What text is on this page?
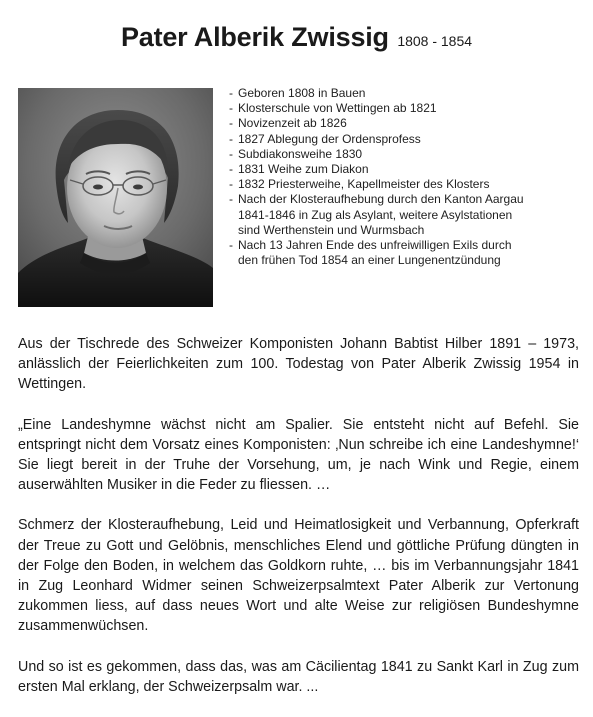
Pater Alberik Zwissig 1808 - 1854
- Geboren 1808 in Bauen
- Klosterschule von Wettingen ab 1821
- Novizenzeit ab 1826
- 1827 Ablegung der Ordensprofess
- Subdiakonsweihe 1830
- 1831 Weihe zum Diakon
- 1832 Priesterweihe, Kapellmeister des Klosters
- Nach der Klosteraufhebung durch den Kanton Aargau
1841-1846 in Zug als Asylant, weitere Asylstationen
sind Werthenstein und Wurmsbach
- Nach 13 Jahren Ende des unfreiwilligen Exils durch
den frühen Tod 1854 an einer Lungenentzündung

Aus der Tischrede des Schweizer Komponisten Johann Babtist Hilber 1891 – 1973, anlässlich der Feierlichkeiten zum 100. Todestag von Pater Alberik Zwissig 1954 in Wettingen.

„Eine Landeshymne wächst nicht am Spalier. Sie entsteht nicht auf Befehl. Sie entspringt nicht dem Vorsatz eines Komponisten: ‚Nun schreibe ich eine Landeshymne!‘ Sie liegt bereit in der Truhe der Vorsehung, um, je nach Wink und Regie, einem auserwählten Musiker in die Feder zu fliessen. …

Schmerz der Klosteraufhebung, Leid und Heimatlosigkeit und Verbannung, Opferkraft der Treue zu Gott und Gelöbnis, menschliches Elend und göttliche Prüfung düngten in der Folge den Boden, in welchem das Goldkorn ruhte, … bis im Verbannungsjahr 1841 in Zug Leonhard Widmer seinen Schweizerpsalmtext Pater Alberik zur Vertonung zukommen liess, auf dass neues Wort und alte Weise zur religiösen Bundeshymne zusammenwüchsen.

Und so ist es gekommen, dass das, was am Cäcilientag 1841 zu Sankt Karl in Zug zum ersten Mal erklang, der Schweizerpsalm war. ...
